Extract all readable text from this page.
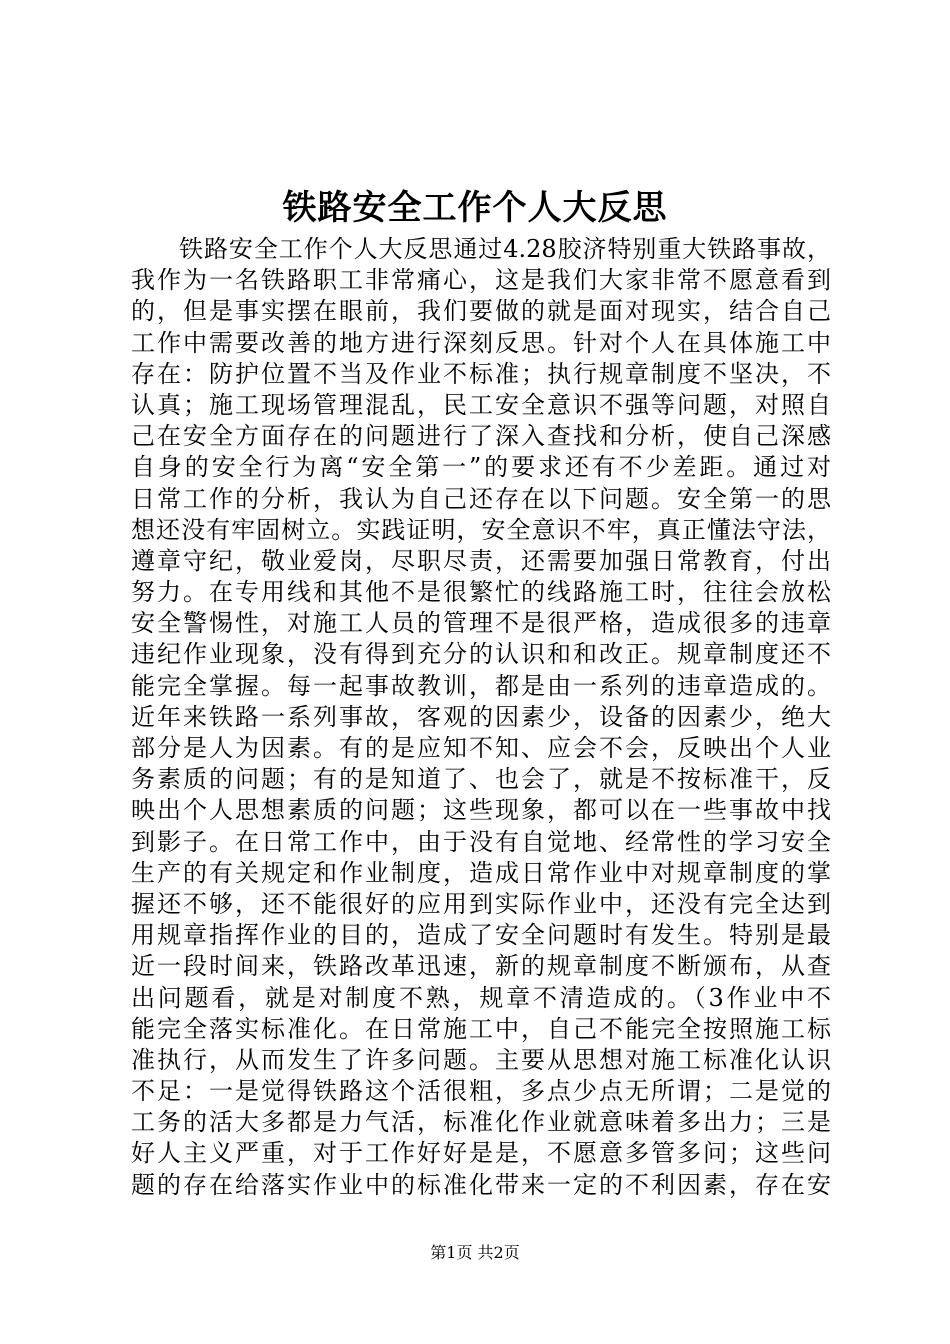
铁路安全工作个人大反思
铁路安全工作个人大反思通过4.28胶济特别重大铁路事故，
我作为一名铁路职工非常痛心，这是我们大家非常不愿意看到
的，但是事实摆在眼前，我们要做的就是面对现实，结合自己
工作中需要改善的地方进行深刻反思。针对个人在具体施工中
存在：防护位置不当及作业不标准；执行规章制度不坚决，不
认真；施工现场管理混乱，民工安全意识不强等问题，对照自
己在安全方面存在的问题进行了深入查找和分析，使自己深感
自身的安全行为离“安全第一”的要求还有不少差距。通过对
日常工作的分析，我认为自己还存在以下问题。安全第一的思
想还没有牢固树立。实践证明，安全意识不牢，真正懂法守法，
遵章守纪，敬业爱岗，尽职尽责，还需要加强日常教育，付出
努力。在专用线和其他不是很繁忙的线路施工时，往往会放松
安全警惕性，对施工人员的管理不是很严格，造成很多的违章
违纪作业现象，没有得到充分的认识和和改正。规章制度还不
能完全掌握。每一起事故教训，都是由一系列的违章造成的。
近年来铁路一系列事故，客观的因素少，设备的因素少，绝大
部分是人为因素。有的是应知不知、应会不会，反映出个人业
务素质的问题；有的是知道了、也会了，就是不按标准干，反
映出个人思想素质的问题；这些现象，都可以在一些事故中找
到影子。在日常工作中，由于没有自觉地、经常性的学习安全
生产的有关规定和作业制度，造成日常作业中对规章制度的掌
握还不够，还不能很好的应用到实际作业中，还没有完全达到
用规章指挥作业的目的，造成了安全问题时有发生。特别是最
近一段时间来，铁路改革迅速，新的规章制度不断颁布，从查
出问题看，就是对制度不熟，规章不清造成的。（3作业中不
能完全落实标准化。在日常施工中，自己不能完全按照施工标
准执行，从而发生了许多问题。主要从思想对施工标准化认识
不足：一是觉得铁路这个活很粗，多点少点无所谓；二是觉的
工务的活大多都是力气活，标准化作业就意味着多出力；三是
好人主义严重，对于工作好好是是，不愿意多管多问；这些问
题的存在给落实作业中的标准化带来一定的不利因素，存在安
第1页 共2页
